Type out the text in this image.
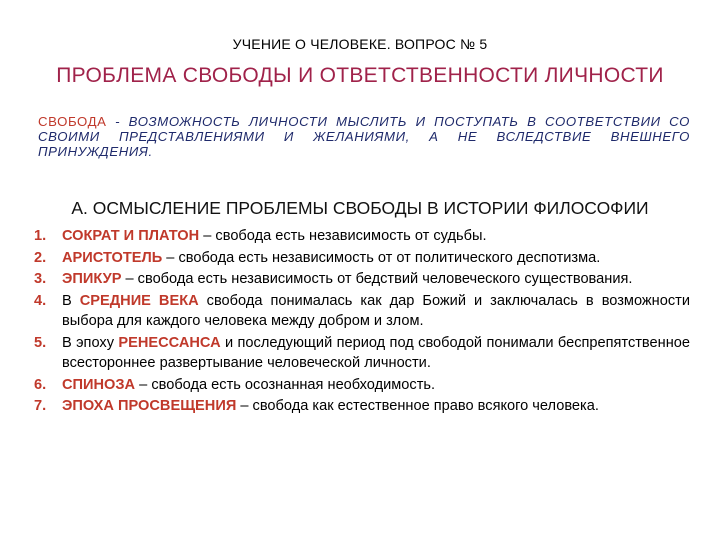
УЧЕНИЕ О ЧЕЛОВЕКЕ. ВОПРОС № 5
ПРОБЛЕМА СВОБОДЫ И ОТВЕТСТВЕННОСТИ ЛИЧНОСТИ
СВОБОДА - ВОЗМОЖНОСТЬ ЛИЧНОСТИ МЫСЛИТЬ И ПОСТУПАТЬ В СООТВЕТСТВИИ СО СВОИМИ ПРЕДСТАВЛЕНИЯМИ И ЖЕЛАНИЯМИ, А НЕ ВСЛЕДСТВИЕ ВНЕШНЕГО ПРИНУЖДЕНИЯ.
А. ОСМЫСЛЕНИЕ ПРОБЛЕМЫ СВОБОДЫ В ИСТОРИИ ФИЛОСОФИИ
1. СОКРАТ И ПЛАТОН – свобода есть независимость от судьбы.
2. АРИСТОТЕЛЬ – свобода есть независимость от от политического деспотизма.
3. ЭПИКУР – свобода есть независимость от бедствий человеческого существования.
4. В СРЕДНИЕ ВЕКА свобода понималась как дар Божий и заключалась в возможности выбора для каждого человека между добром и злом.
5. В эпоху РЕНЕССАНСА и последующий период под свободой понимали беспрепятственное всестороннее развертывание человеческой личности.
6. СПИНОЗА – свобода есть осознанная необходимость.
7. ЭПОХА ПРОСВЕЩЕНИЯ – свобода как естественное право всякого человека.
